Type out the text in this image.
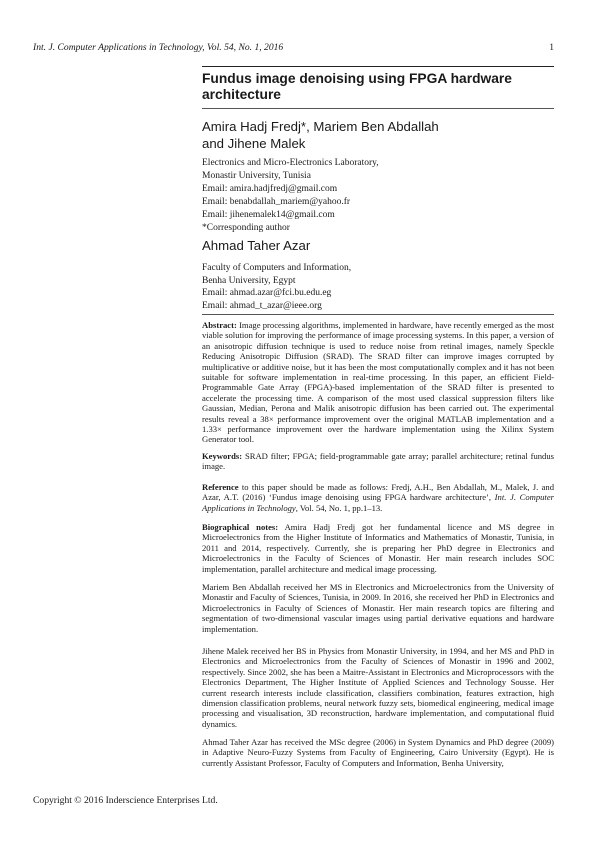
Int. J. Computer Applications in Technology, Vol. 54, No. 1, 2016	1
Fundus image denoising using FPGA hardware architecture
Amira Hadj Fredj*, Mariem Ben Abdallah
and Jihene Malek
Electronics and Micro-Electronics Laboratory,
Monastir University, Tunisia
Email: amira.hadjfredj@gmail.com
Email: benabdallah_mariem@yahoo.fr
Email: jihenemalek14@gmail.com
*Corresponding author
Ahmad Taher Azar
Faculty of Computers and Information,
Benha University, Egypt
Email: ahmad.azar@fci.bu.edu.eg
Email: ahmad_t_azar@ieee.org
Abstract: Image processing algorithms, implemented in hardware, have recently emerged as the most viable solution for improving the performance of image processing systems. In this paper, a version of an anisotropic diffusion technique is used to reduce noise from retinal images, namely Speckle Reducing Anisotropic Diffusion (SRAD). The SRAD filter can improve images corrupted by multiplicative or additive noise, but it has been the most computationally complex and it has not been suitable for software implementation in real-time processing. In this paper, an efficient Field-Programmable Gate Array (FPGA)-based implementation of the SRAD filter is presented to accelerate the processing time. A comparison of the most used classical suppression filters like Gaussian, Median, Perona and Malik anisotropic diffusion has been carried out. The experimental results reveal a 38× performance improvement over the original MATLAB implementation and a 1.33× performance improvement over the hardware implementation using the Xilinx System Generator tool.
Keywords: SRAD filter; FPGA; field-programmable gate array; parallel architecture; retinal fundus image.
Reference to this paper should be made as follows: Fredj, A.H., Ben Abdallah, M., Malek, J. and Azar, A.T. (2016) ‘Fundus image denoising using FPGA hardware architecture’, Int. J. Computer Applications in Technology, Vol. 54, No. 1, pp.1–13.
Biographical notes: Amira Hadj Fredj got her fundamental licence and MS degree in Microelectronics from the Higher Institute of Informatics and Mathematics of Monastir, Tunisia, in 2011 and 2014, respectively. Currently, she is preparing her PhD degree in Electronics and Microelectronics in the Faculty of Sciences of Monastir. Her main research includes SOC implementation, parallel architecture and medical image processing.
Mariem Ben Abdallah received her MS in Electronics and Microelectronics from the University of Monastir and Faculty of Sciences, Tunisia, in 2009. In 2016, she received her PhD in Electronics and Microelectronics in Faculty of Sciences of Monastir. Her main research topics are filtering and segmentation of two-dimensional vascular images using partial derivative equations and hardware implementation.
Jihene Malek received her BS in Physics from Monastir University, in 1994, and her MS and PhD in Electronics and Microelectronics from the Faculty of Sciences of Monastir in 1996 and 2002, respectively. Since 2002, she has been a Maitre-Assistant in Electronics and Microprocessors with the Electronics Department, The Higher Institute of Applied Sciences and Technology Sousse. Her current research interests include classification, classifiers combination, features extraction, high dimension classification problems, neural network fuzzy sets, biomedical engineering, medical image processing and visualisation, 3D reconstruction, hardware implementation, and computational fluid dynamics.
Ahmad Taher Azar has received the MSc degree (2006) in System Dynamics and PhD degree (2009) in Adaptive Neuro-Fuzzy Systems from Faculty of Engineering, Cairo University (Egypt). He is currently Assistant Professor, Faculty of Computers and Information, Benha University,
Copyright © 2016 Inderscience Enterprises Ltd.
